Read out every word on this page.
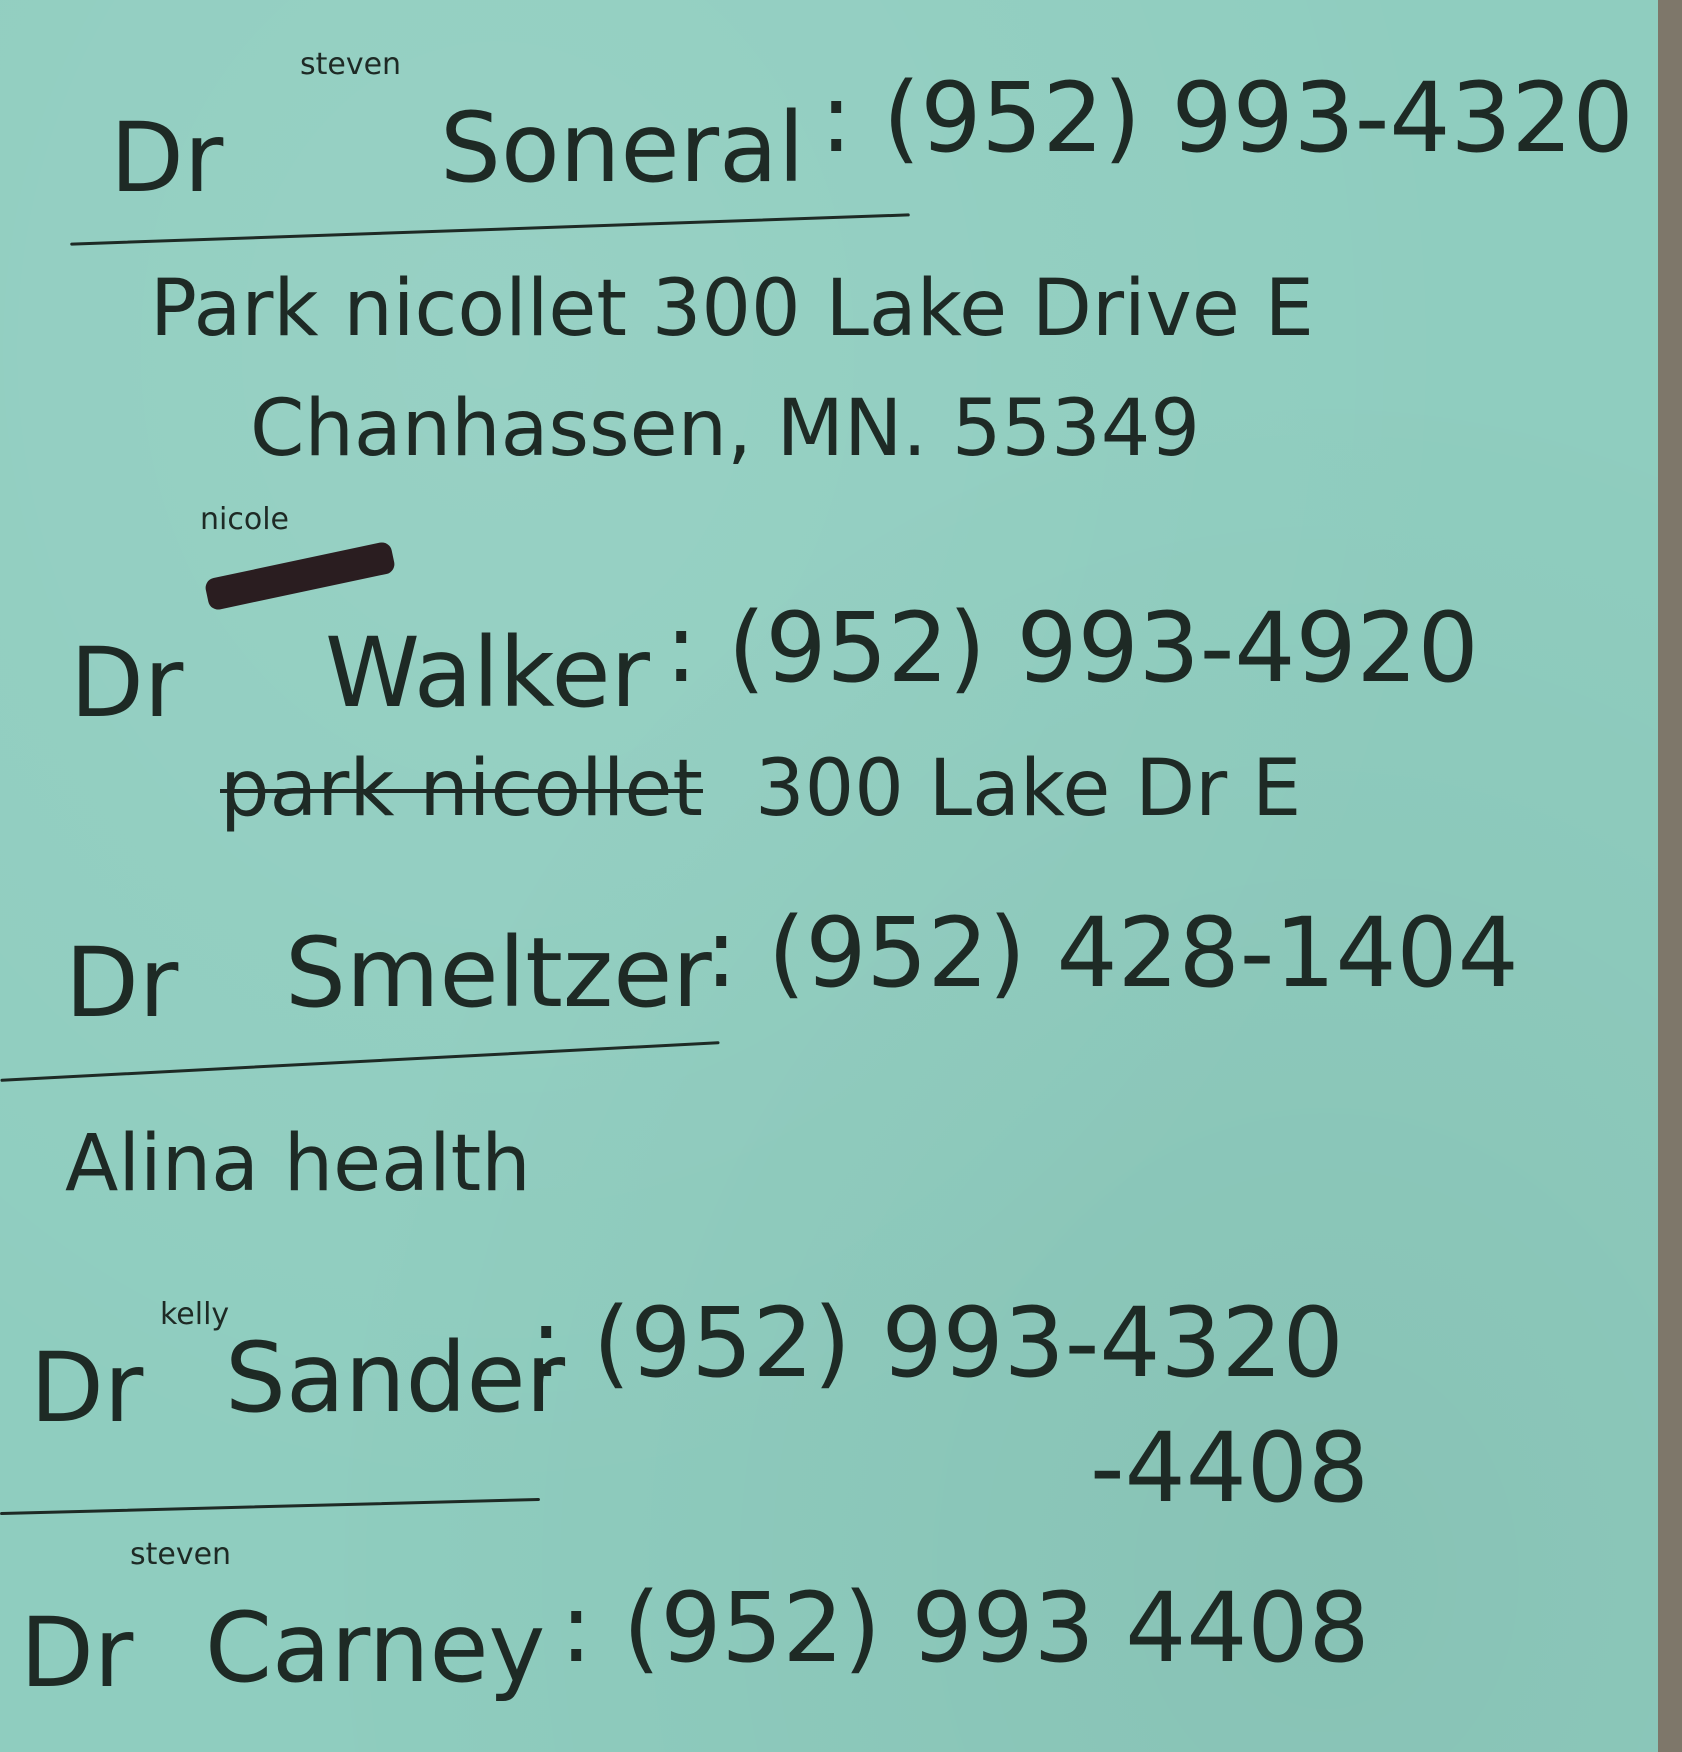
steven

Dr Soneral : (952) 993-4320

Park nicollet 300 Lake Drive E

Chanhassen, MN. 55349

nicole

Dr Walker : (952) 993-4920

park nicollet 300 Lake Dr E

Dr Smeltzer

: (952) 428-1404

Alina health

kelly

Dr Sander

: (952) 993-4320

-4408

steven

Dr Carney : (952) 993 4408
